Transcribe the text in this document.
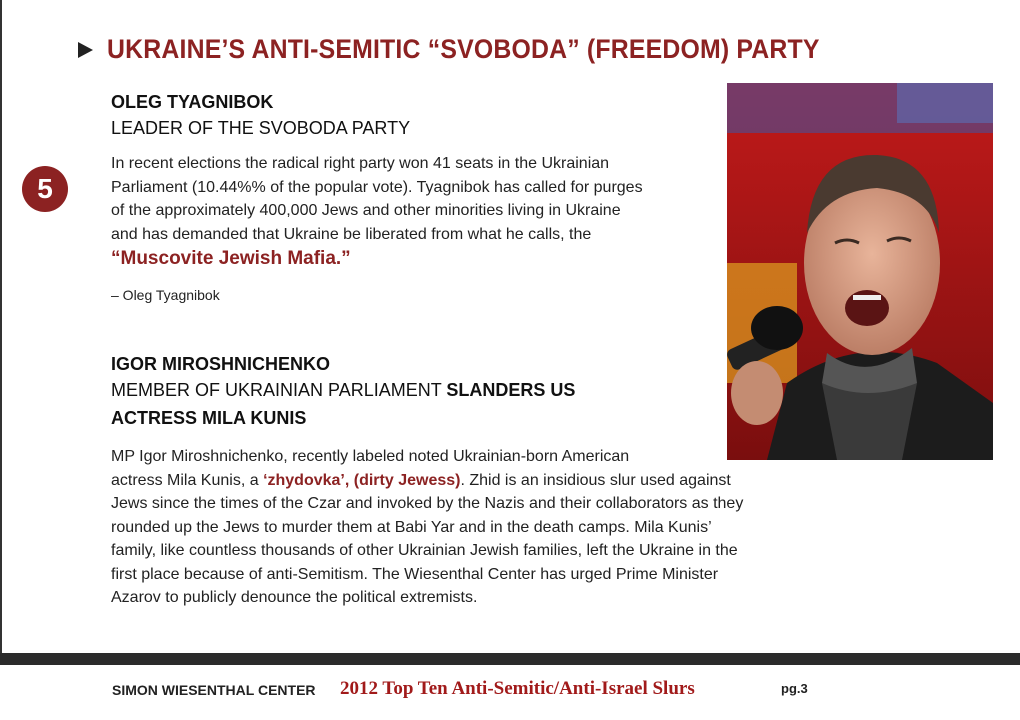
UKRAINE’S ANTI-SEMITIC “SVOBODA” (FREEDOM) PARTY
5
OLEG TYAGNIBOK
LEADER OF THE SVOBODA PARTY
In recent elections the radical right party won 41 seats in the Ukrainian
Parliament (10.44%% of the popular vote). Tyagnibok has called for purges
of the approximately 400,000 Jews and other minorities living in Ukraine
and has demanded that Ukraine be liberated from what he calls, the
“Muscovite Jewish Mafia.”
– Oleg Tyagnibok
IGOR MIROSHNICHENKO
MEMBER OF UKRAINIAN PARLIAMENT SLANDERS US
ACTRESS MILA KUNIS
MP Igor Miroshnichenko, recently labeled noted Ukrainian-born American
actress Mila Kunis, a ‘zhydovka’, (dirty Jewess). Zhid is an insidious slur used against
Jews since the times of the Czar and invoked by the Nazis and their collaborators as they
rounded up the Jews to murder them at Babi Yar and in the death camps. Mila Kunis’
family, like countless thousands of other Ukrainian Jewish families, left the Ukraine in the
first place because of anti-Semitism. The Wiesenthal Center has urged Prime Minister
Azarov to publicly denounce the political extremists.
SIMON WIESENTHAL CENTER 2012 Top Ten Anti-Semitic/Anti-Israel Slurs	pg.3
